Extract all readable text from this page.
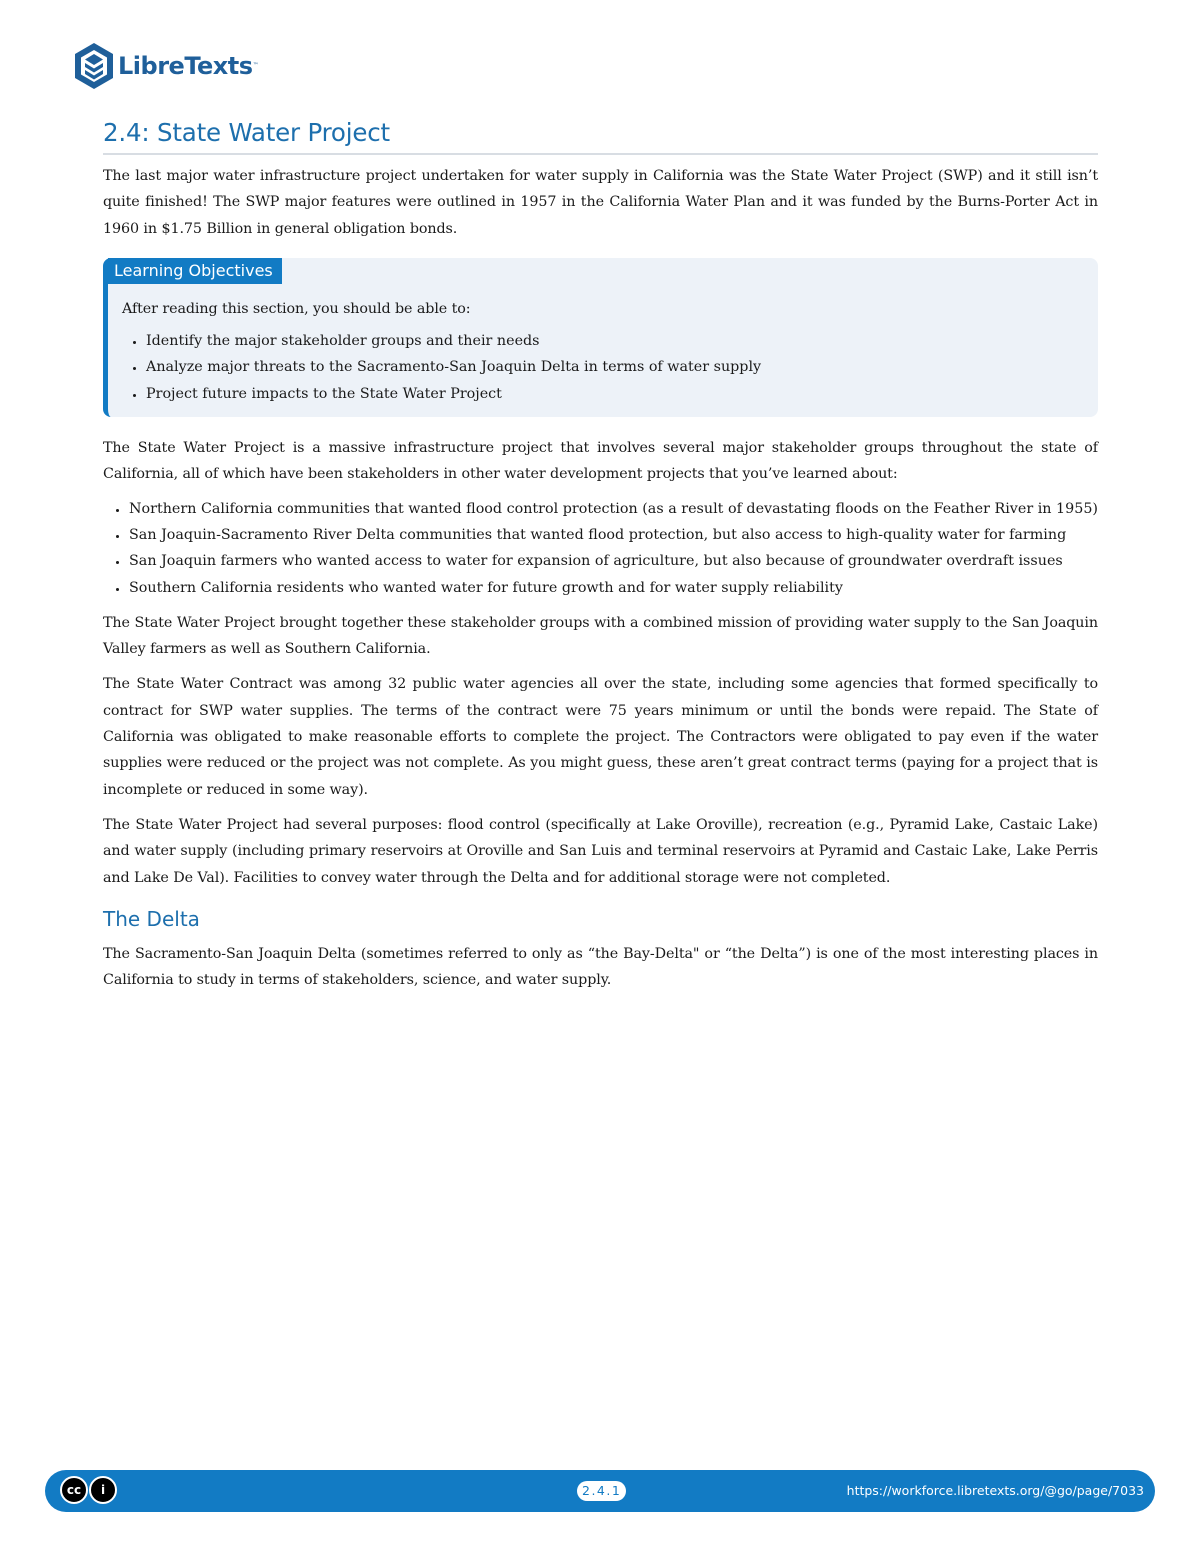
LibreTexts ™
2.4: State Water Project

The last major water infrastructure project undertaken for water supply in California was the State Water Project (SWP) and it still isn’t quite finished! The SWP major features were outlined in 1957 in the California Water Plan and it was funded by the Burns-Porter Act in 1960 in $1.75 Billion in general obligation bonds.

Learning Objectives

After reading this section, you should be able to:

• Identify the major stakeholder groups and their needs
• Analyze major threats to the Sacramento-San Joaquin Delta in terms of water supply
• Project future impacts to the State Water Project

The State Water Project is a massive infrastructure project that involves several major stakeholder groups throughout the state of California, all of which have been stakeholders in other water development projects that you’ve learned about:

• Northern California communities that wanted flood control protection (as a result of devastating floods on the Feather River in 1955)
• San Joaquin-Sacramento River Delta communities that wanted flood protection, but also access to high-quality water for farming
• San Joaquin farmers who wanted access to water for expansion of agriculture, but also because of groundwater overdraft issues
• Southern California residents who wanted water for future growth and for water supply reliability

The State Water Project brought together these stakeholder groups with a combined mission of providing water supply to the San Joaquin Valley farmers as well as Southern California.

The State Water Contract was among 32 public water agencies all over the state, including some agencies that formed specifically to contract for SWP water supplies. The terms of the contract were 75 years minimum or until the bonds were repaid. The State of California was obligated to make reasonable efforts to complete the project. The Contractors were obligated to pay even if the water supplies were reduced or the project was not complete. As you might guess, these aren’t great contract terms (paying for a project that is incomplete or reduced in some way).

The State Water Project had several purposes: flood control (specifically at Lake Oroville), recreation (e.g., Pyramid Lake, Castaic Lake) and water supply (including primary reservoirs at Oroville and San Luis and terminal reservoirs at Pyramid and Castaic Lake, Lake Perris and Lake De Val). Facilities to convey water through the Delta and for additional storage were not completed.

The Delta

The Sacramento-San Joaquin Delta (sometimes referred to only as “the Bay-Delta" or “the Delta”) is one of the most interesting places in California to study in terms of stakeholders, science, and water supply.

cc	i	2.4.1	https://workforce.libretexts.org/@go/page/7033
